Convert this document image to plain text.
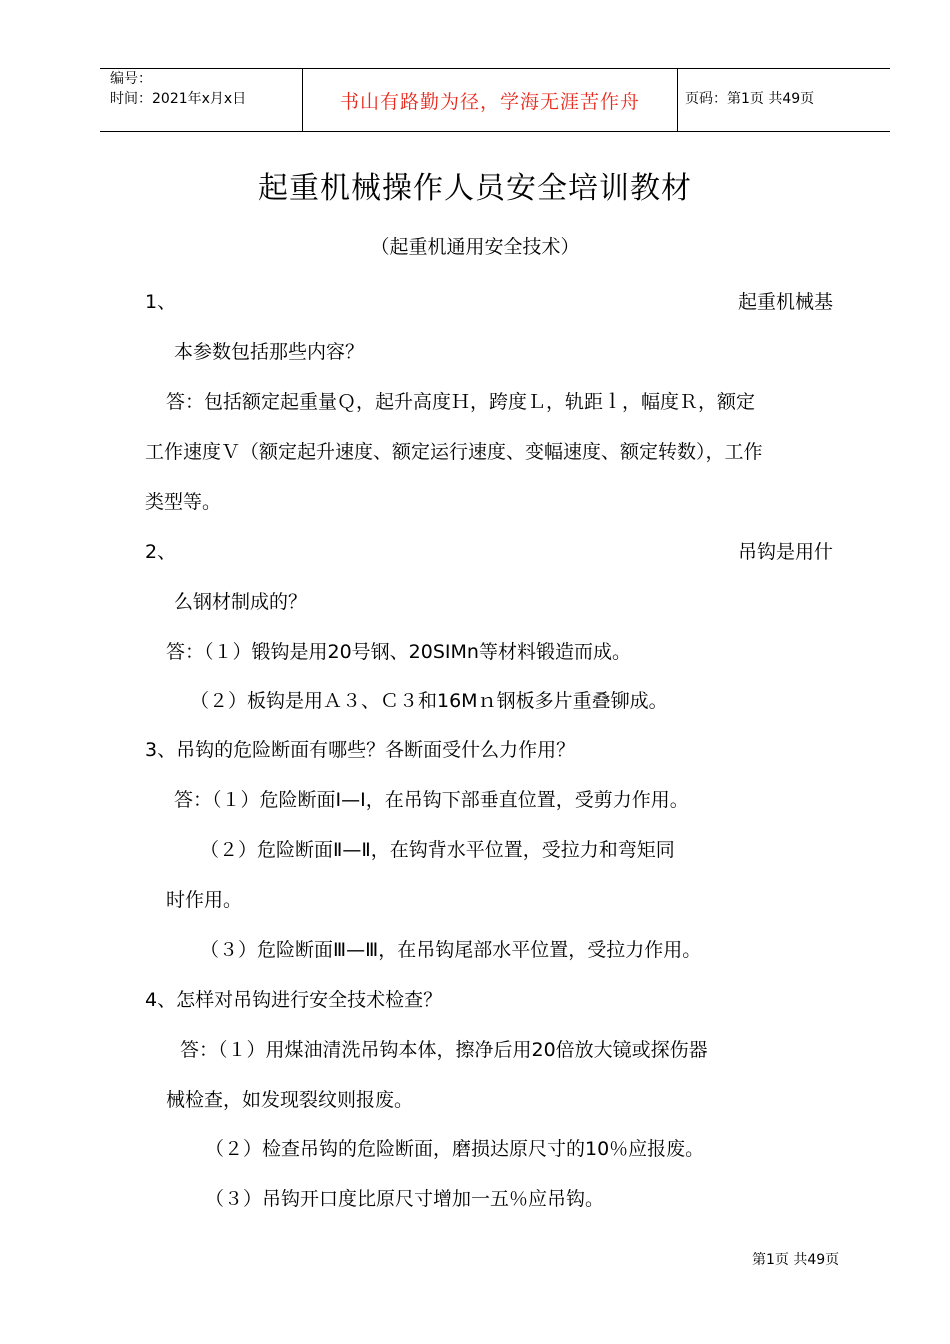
编号：
时间：2021年x月x日	书山有路勤为径，学海无涯苦作舟	页码：第1页 共49页
起重机械操作人员安全培训教材
（起重机通用安全技术）
1、	起重机械基
本参数包括那些内容？
答：包括额定起重量Ｑ，起升高度Ｈ，跨度Ｌ，轨距ｌ，幅度Ｒ，额定
工作速度Ｖ（额定起升速度、额定运行速度、变幅速度、额定转数），工作
类型等。
2、	吊钩是用什
么钢材制成的？
答：（１）锻钩是用20号钢、20SIMn等材料锻造而成。
（２）板钩是用Ａ３、Ｃ３和16Mｎ钢板多片重叠铆成。
3、吊钩的危险断面有哪些？各断面受什么力作用？
答：（１）危险断面Ⅰ—Ⅰ，在吊钩下部垂直位置，受剪力作用。
（２）危险断面Ⅱ—Ⅱ，在钩背水平位置，受拉力和弯矩同
时作用。
（３）危险断面Ⅲ—Ⅲ，在吊钩尾部水平位置，受拉力作用。
4、怎样对吊钩进行安全技术检查？
答：（１）用煤油清洗吊钩本体，擦净后用20倍放大镜或探伤器
械检查，如发现裂纹则报废。
（２）检查吊钩的危险断面，磨损达原尺寸的10％应报废。
（３）吊钩开口度比原尺寸增加一五％应吊钩。
第1页 共49页
